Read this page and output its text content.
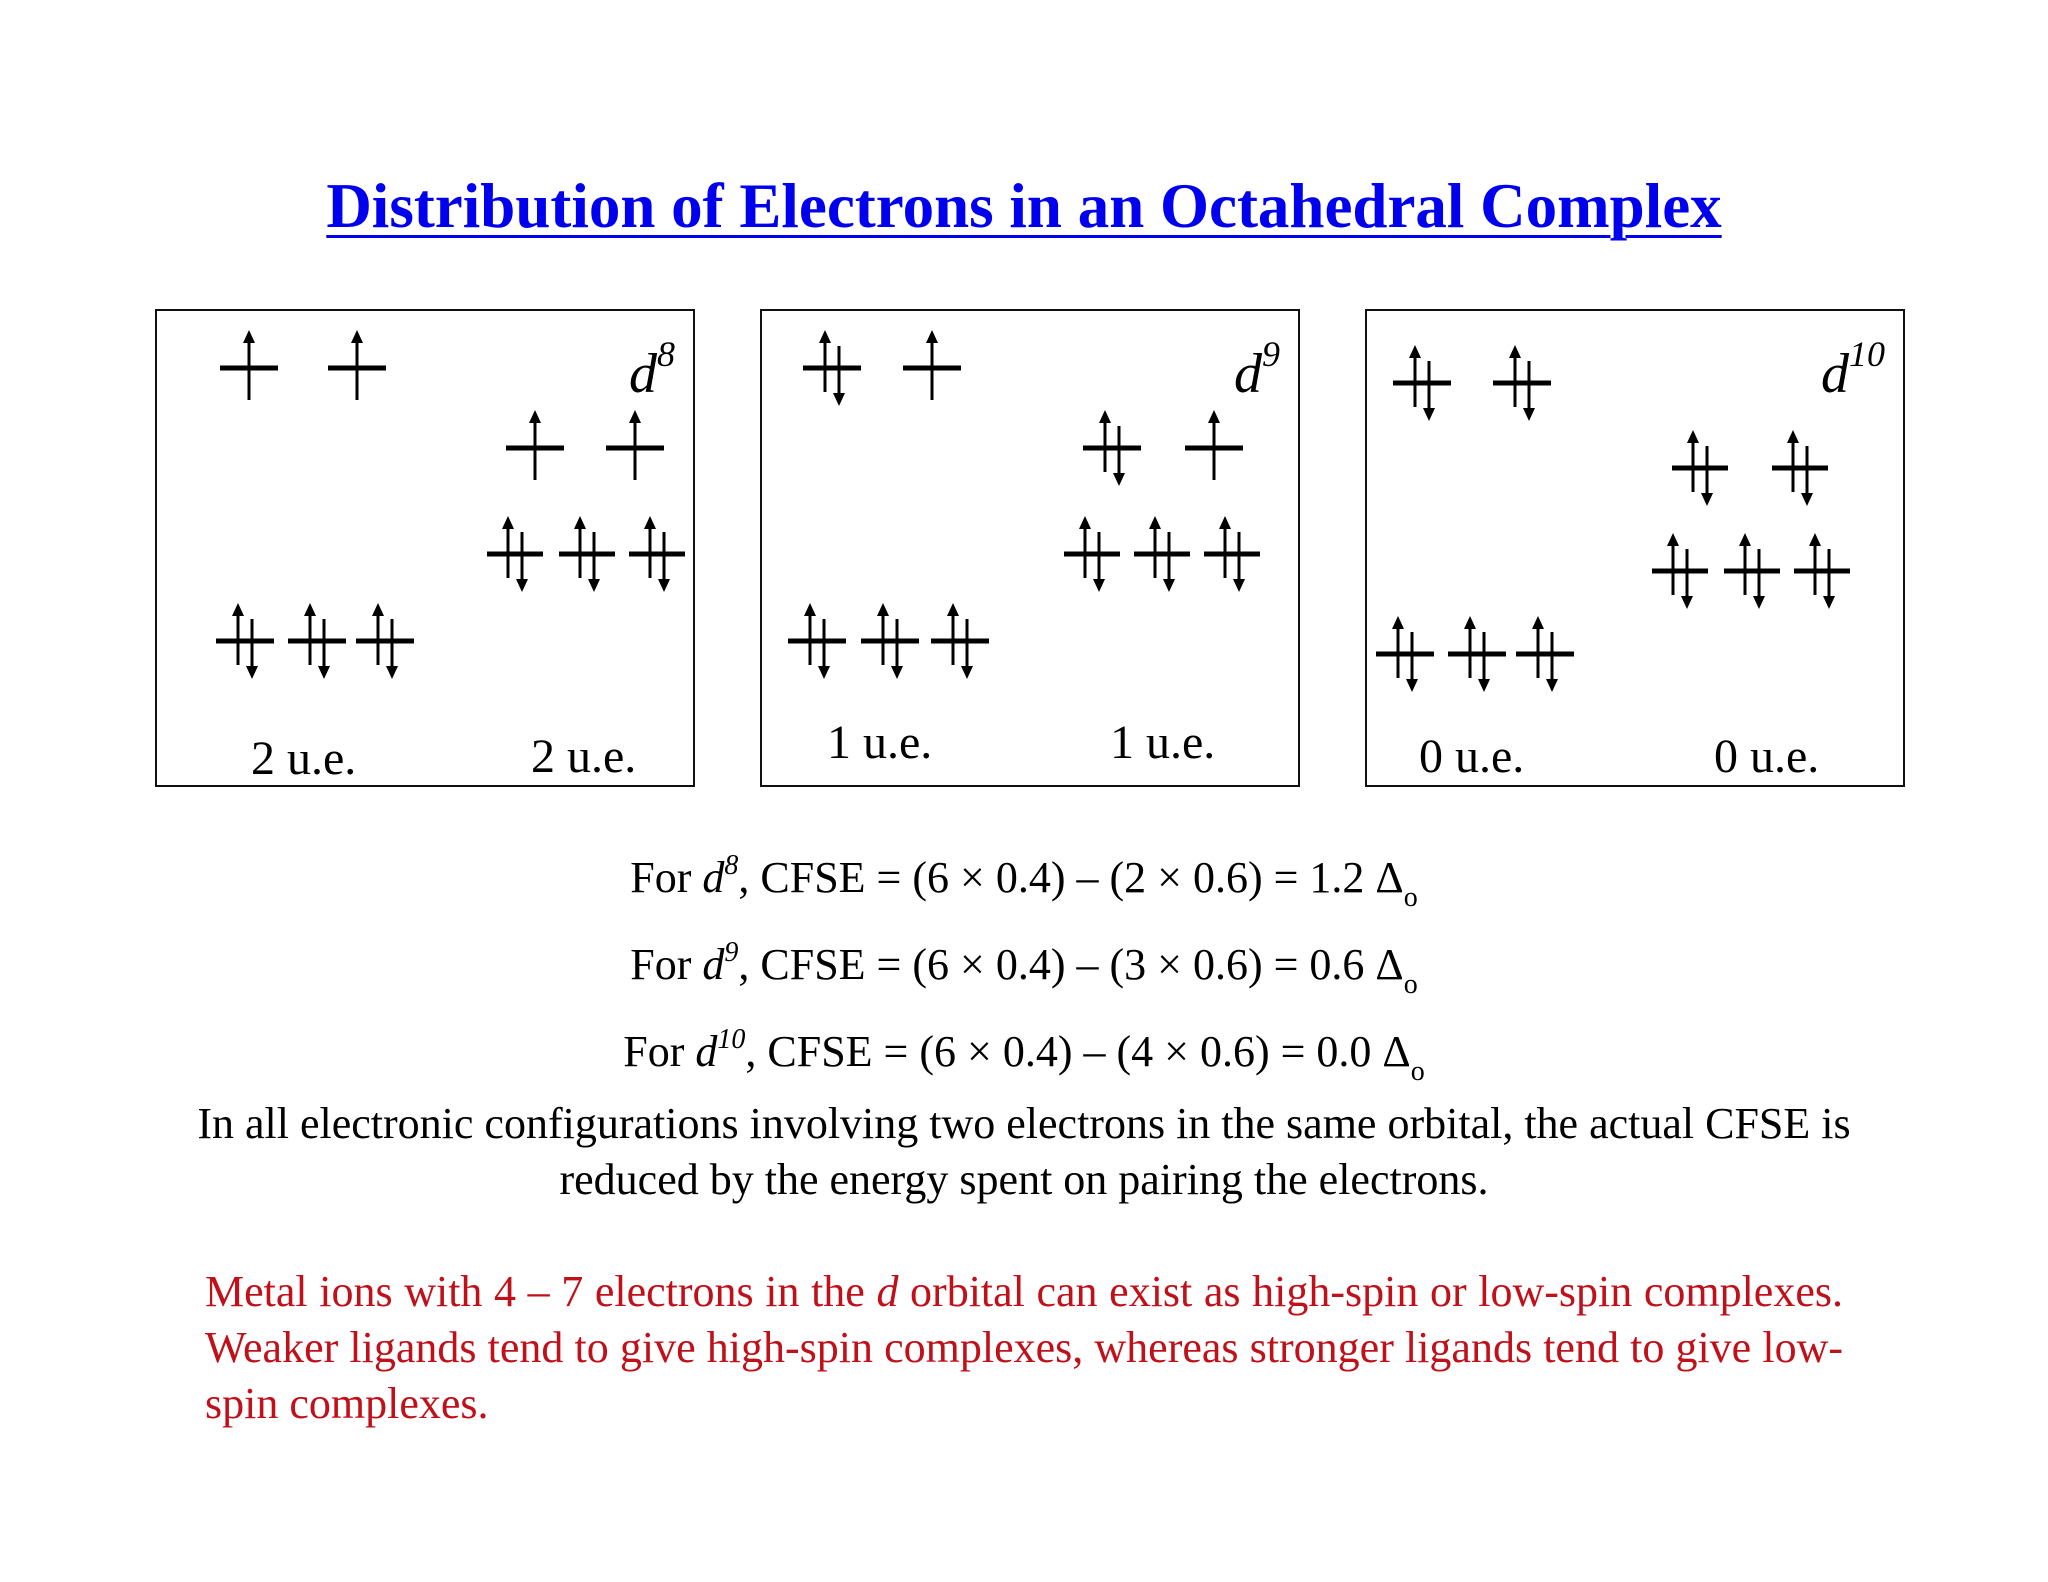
Distribution of Electrons in an Octahedral Complex
$d^8$
2 u.e.	2 u.e.
$d^9$
1 u.e.	1 u.e.
$d^{10}$
0 u.e.	0 u.e.
For $d^8$, CFSE = (6 × 0.4) – (2 × 0.6) = 1.2 $\Delta_o$
For $d^9$, CFSE = (6 × 0.4) – (3 × 0.6) = 0.6 $\Delta_o$
For $d^{10}$, CFSE = (6 × 0.4) – (4 × 0.6) = 0.0 $\Delta_o$
In all electronic configurations involving two electrons in the same orbital, the actual CFSE is reduced by the energy spent on pairing the electrons.
Metal ions with 4 – 7 electrons in the d orbital can exist as high-spin or low-spin complexes. Weaker ligands tend to give high-spin complexes, whereas stronger ligands tend to give low-spin complexes.
